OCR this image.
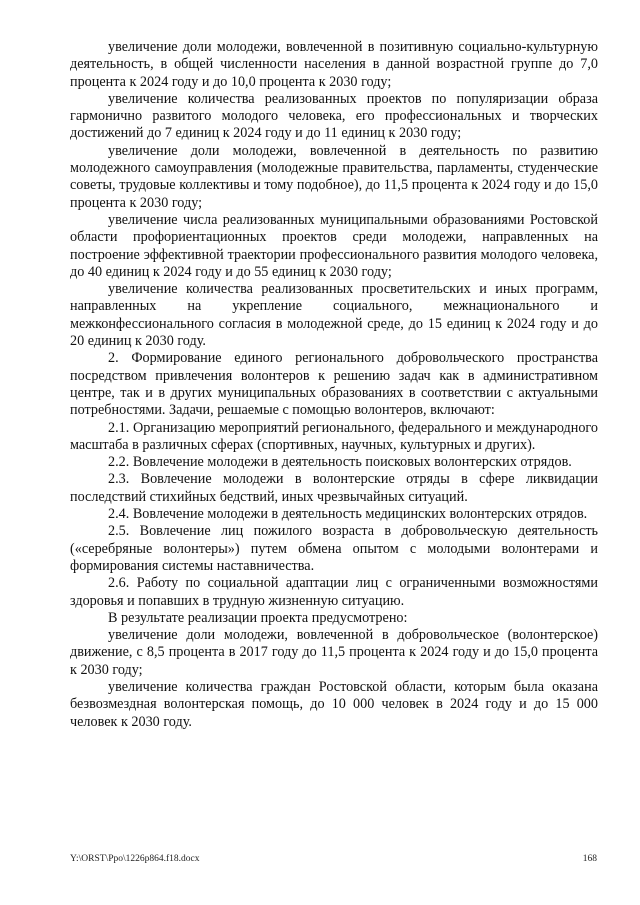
увеличение доли молодежи, вовлеченной в позитивную социально-культурную деятельность, в общей численности населения в данной возрастной группе до 7,0 процента к 2024 году и до 10,0 процента к 2030 году;

увеличение количества реализованных проектов по популяризации образа гармонично развитого молодого человека, его профессиональных и творческих достижений до 7 единиц к 2024 году и до 11 единиц к 2030 году;

увеличение доли молодежи, вовлеченной в деятельность по развитию молодежного самоуправления (молодежные правительства, парламенты, студенческие советы, трудовые коллективы и тому подобное), до 11,5 процента к 2024 году и до 15,0 процента к 2030 году;

увеличение числа реализованных муниципальными образованиями Ростовской области профориентационных проектов среди молодежи, направленных на построение эффективной траектории профессионального развития молодого человека, до 40 единиц к 2024 году и до 55 единиц к 2030 году;

увеличение количества реализованных просветительских и иных программ, направленных на укрепление социального, межнационального и межконфессионального согласия в молодежной среде, до 15 единиц к 2024 году и до 20 единиц к 2030 году.

2. Формирование единого регионального добровольческого пространства посредством привлечения волонтеров к решению задач как в административном центре, так и в других муниципальных образованиях в соответствии с актуальными потребностями. Задачи, решаемые с помощью волонтеров, включают:

2.1. Организацию мероприятий регионального, федерального и международного масштаба в различных сферах (спортивных, научных, культурных и других).

2.2. Вовлечение молодежи в деятельность поисковых волонтерских отрядов.

2.3. Вовлечение молодежи в волонтерские отряды в сфере ликвидации последствий стихийных бедствий, иных чрезвычайных ситуаций.

2.4. Вовлечение молодежи в деятельность медицинских волонтерских отрядов.

2.5. Вовлечение лиц пожилого возраста в добровольческую деятельность («серебряные волонтеры») путем обмена опытом с молодыми волонтерами и формирования системы наставничества.

2.6. Работу по социальной адаптации лиц с ограниченными возможностями здоровья и попавших в трудную жизненную ситуацию.

В результате реализации проекта предусмотрено:

увеличение доли молодежи, вовлеченной в добровольческое (волонтерское) движение, с 8,5 процента в 2017 году до 11,5 процента к 2024 году и до 15,0 процента к 2030 году;

увеличение количества граждан Ростовской области, которым была оказана безвозмездная волонтерская помощь, до 10 000 человек в 2024 году и до 15 000 человек к 2030 году.

Y:\ORST\Ppo\1226p864.f18.docx	168
